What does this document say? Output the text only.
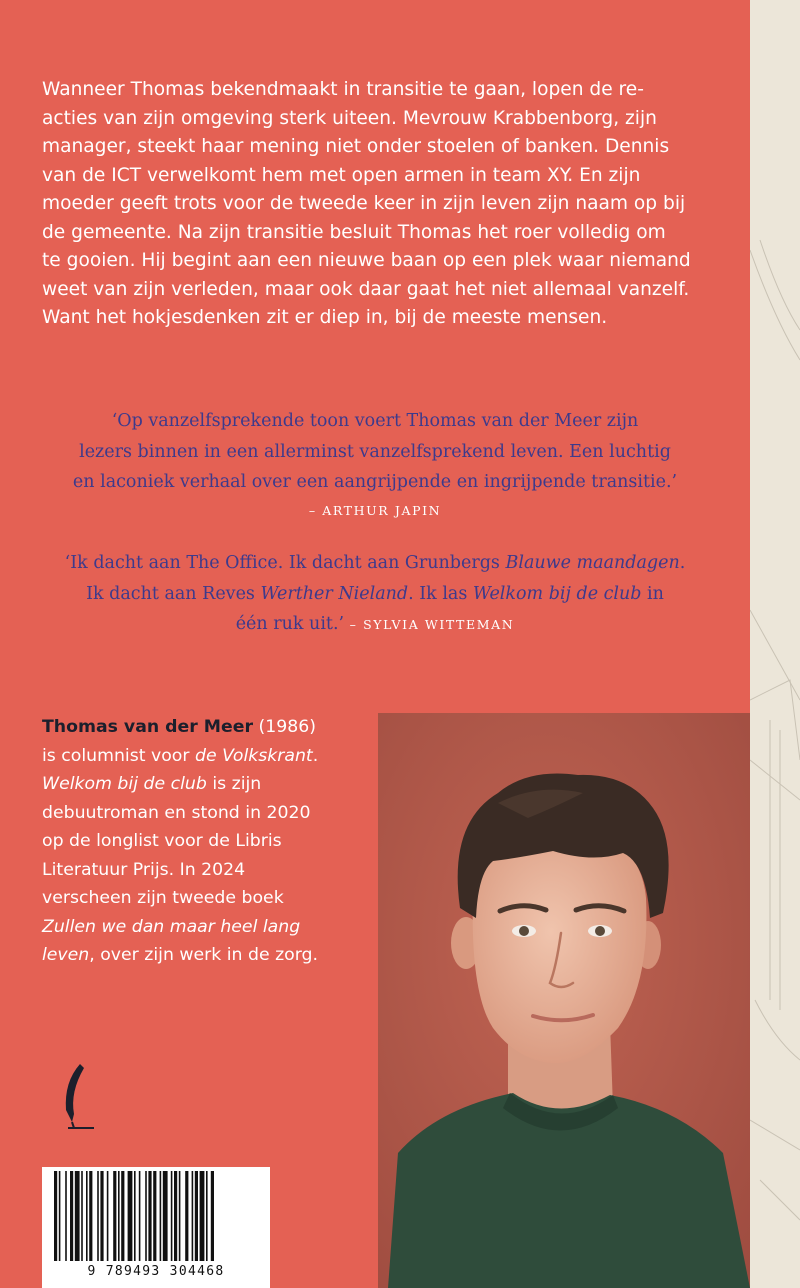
Wanneer Thomas bekendmaakt in transitie te gaan, lopen de re-
acties van zijn omgeving sterk uiteen. Mevrouw Krabbenborg, zijn
manager, steekt haar mening niet onder stoelen of banken. Dennis
van de ICT verwelkomt hem met open armen in team XY. En zijn
moeder geeft trots voor de tweede keer in zijn leven zijn naam op bij
de gemeente. Na zijn transitie besluit Thomas het roer volledig om
te gooien. Hij begint aan een nieuwe baan op een plek waar niemand
weet van zijn verleden, maar ook daar gaat het niet allemaal vanzelf.
Want het hokjesdenken zit er diep in, bij de meeste mensen.

‘Op vanzelfsprekende toon voert Thomas van der Meer zijn
lezers binnen in een allerminst vanzelfsprekend leven. Een luchtig
en laconiek verhaal over een aangrijpende en ingrijpende transitie.’
– ARTHUR JAPIN
‘Ik dacht aan The Office. Ik dacht aan Grunbergs Blauwe maandagen.
Ik dacht aan Reves Werther Nieland. Ik las Welkom bij de club in
één ruk uit.’ – SYLVIA WITTEMAN

Thomas van der Meer (1986)
is columnist voor de Volkskrant.
Welkom bij de club is zijn
debuutroman en stond in 2020
op de longlist voor de Libris
Literatuur Prijs. In 2024
verscheen zijn tweede boek
Zullen we dan maar heel lang
leven, over zijn werk in de zorg.

9 789493 304468
